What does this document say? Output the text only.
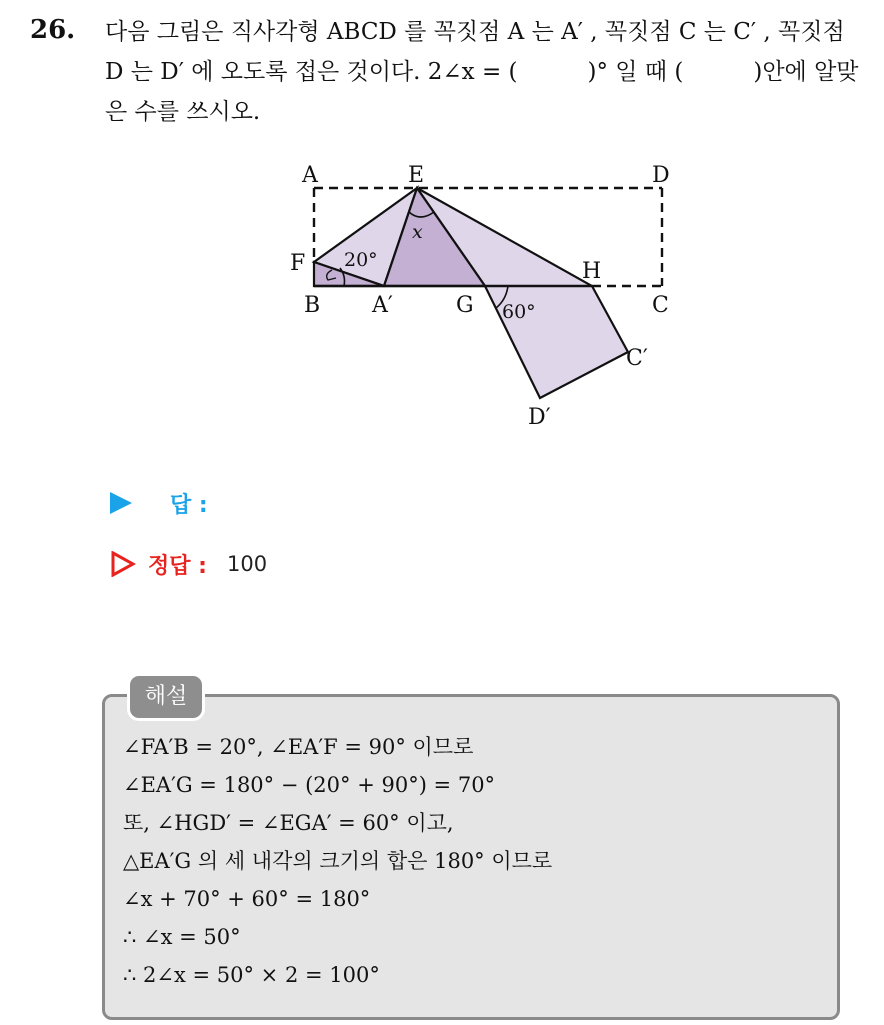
26. 다음 그림은 직사각형 ABCD 를 꼭짓점 A 는 A′ , 꼭짓점 C 는 C′ , 꼭짓점 D 는 D′ 에 오도록 접은 것이다. 2∠x = (	)° 일 때 (	)안에 알맞은 수를 쓰시오.
A	E	D
F
B A′	G
H
C
C′
D′
x
20°
60°
답 :
정답 : 100
해설
∠FA′B = 20°, ∠EA′F = 90° 이므로
∠EA′G = 180° − (20° + 90°) = 70°
또, ∠HGD′ = ∠EGA′ = 60° 이고,
△EA′G 의 세 내각의 크기의 합은 180° 이므로
∠x + 70° + 60° = 180°
∴ ∠x = 50°
∴ 2∠x = 50° × 2 = 100°
